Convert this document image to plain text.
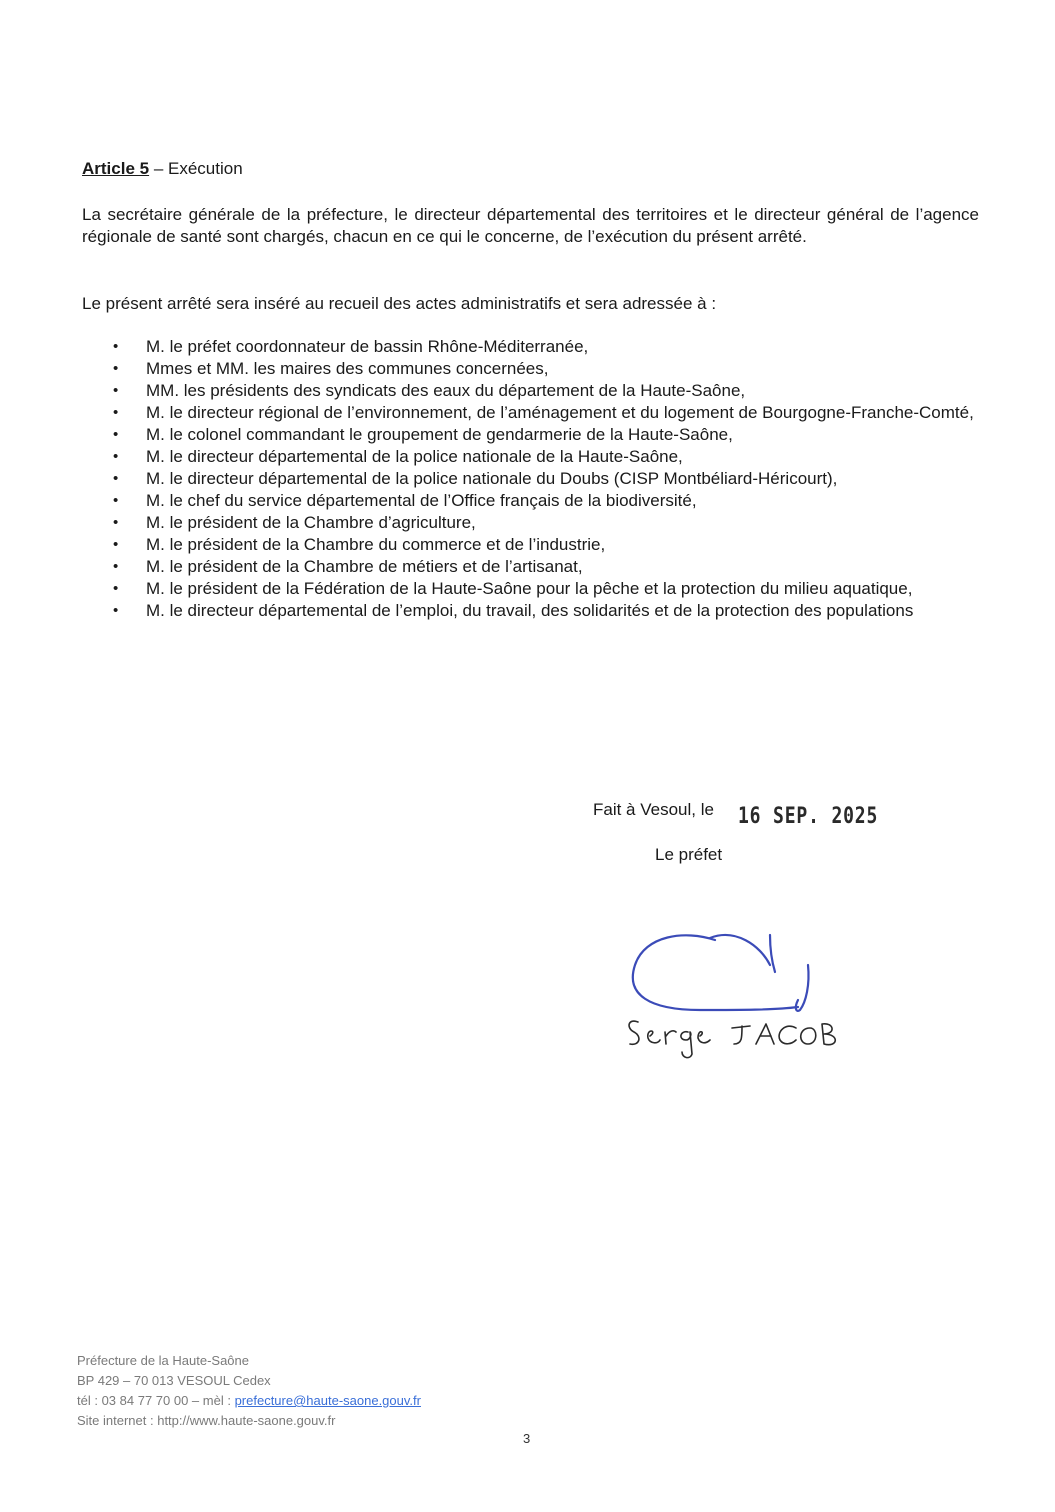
Article 5 – Exécution
La secrétaire générale de la préfecture, le directeur départemental des territoires et le directeur général de l’agence régionale de santé sont chargés, chacun en ce qui le concerne, de l’exécution du présent arrêté.
Le présent arrêté sera inséré au recueil des actes administratifs et sera adressée à :
• M. le préfet coordonnateur de bassin Rhône-Méditerranée,
• Mmes et MM. les maires des communes concernées,
• MM. les présidents des syndicats des eaux du département de la Haute-Saône,
• M. le directeur régional de l’environnement, de l’aménagement et du logement de Bourgogne-Franche-Comté,
• M. le colonel commandant le groupement de gendarmerie de la Haute-Saône,
• M. le directeur départemental de la police nationale de la Haute-Saône,
• M. le directeur départemental de la police nationale du Doubs (CISP Montbéliard-Héricourt),
• M. le chef du service départemental de l’Office français de la biodiversité,
• M. le président de la Chambre d’agriculture,
• M. le président de la Chambre du commerce et de l’industrie,
• M. le président de la Chambre de métiers et de l’artisanat,
• M. le président de la Fédération de la Haute-Saône pour la pêche et la protection du milieu aquatique,
• M. le directeur départemental de l’emploi, du travail, des solidarités et de la protection des populations
Fait à Vesoul, le 16 SEP. 2025
Le préfet
Préfecture de la Haute-Saône
BP 429 – 70 013 VESOUL Cedex
tél : 03 84 77 70 00 – mèl : prefecture@haute-saone.gouv.fr
Site internet : http://www.haute-saone.gouv.fr
3
